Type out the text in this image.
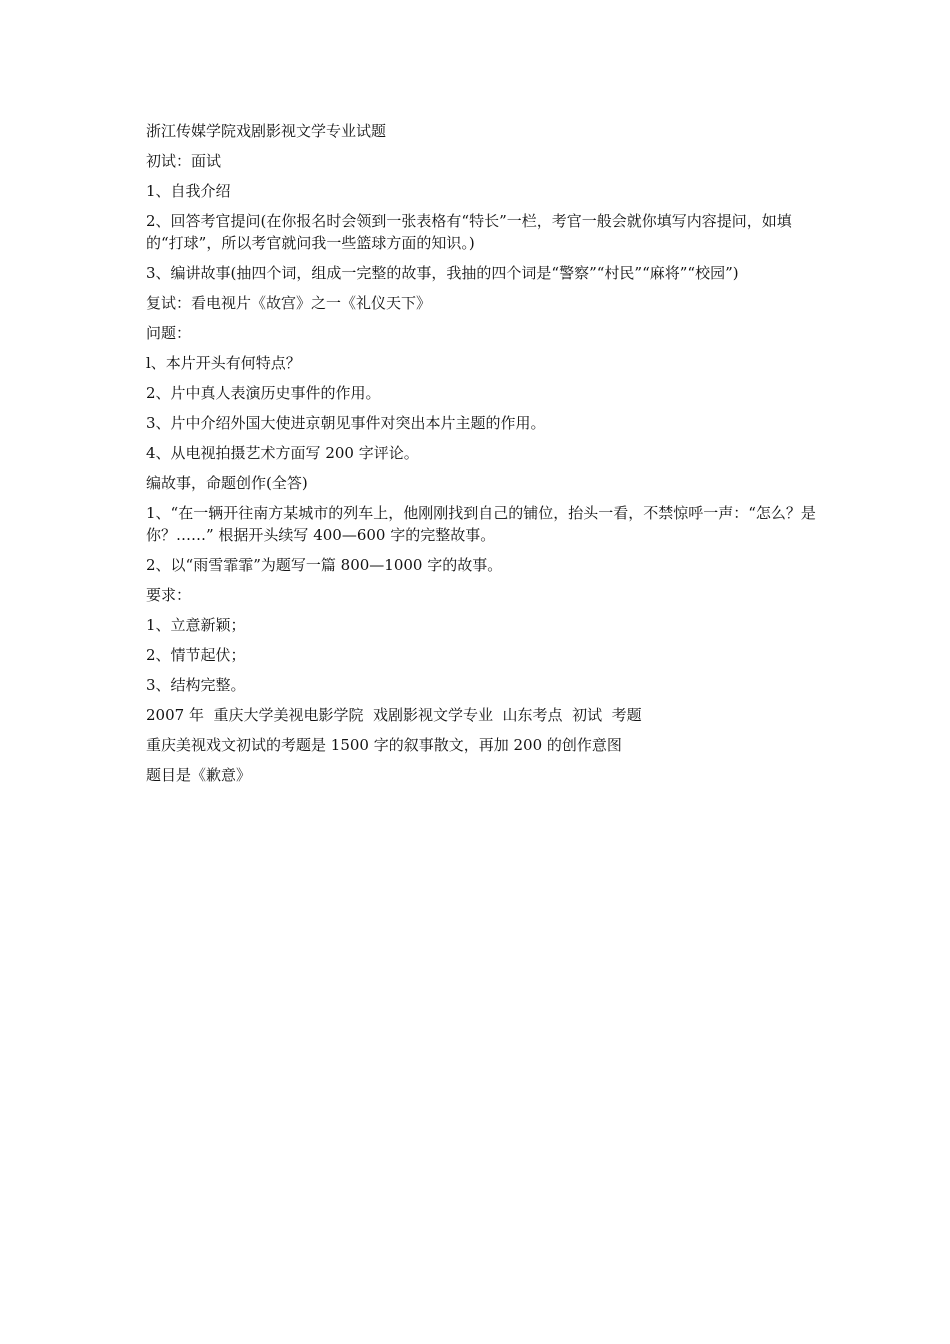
浙江传媒学院戏剧影视文学专业试题

初试：面试

1、自我介绍

2、回答考官提问(在你报名时会领到一张表格有“特长”一栏，考官一般会就你填写内容提问，如填的“打球”，所以考官就问我一些篮球方面的知识。)

3、编讲故事(抽四个词，组成一完整的故事，我抽的四个词是“警察”“村民”“麻将”“校园”)

复试：看电视片《故宫》之一《礼仪天下》

问题：

l、本片开头有何特点？

2、片中真人表演历史事件的作用。

3、片中介绍外国大使进京朝见事件对突出本片主题的作用。

4、从电视拍摄艺术方面写 200 字评论。

编故事，命题创作(全答)

1、“在一辆开往南方某城市的列车上，他刚刚找到自己的铺位，抬头一看，不禁惊呼一声：“怎么？是你？……” 根据开头续写 400—600 字的完整故事。

2、以“雨雪霏霏”为题写一篇 800—1000 字的故事。

要求：

1、立意新颖；

2、情节起伏；

3、结构完整。

2007 年  重庆大学美视电影学院  戏剧影视文学专业  山东考点  初试  考题

重庆美视戏文初试的考题是 1500 字的叙事散文，再加 200 的创作意图

题目是《歉意》
